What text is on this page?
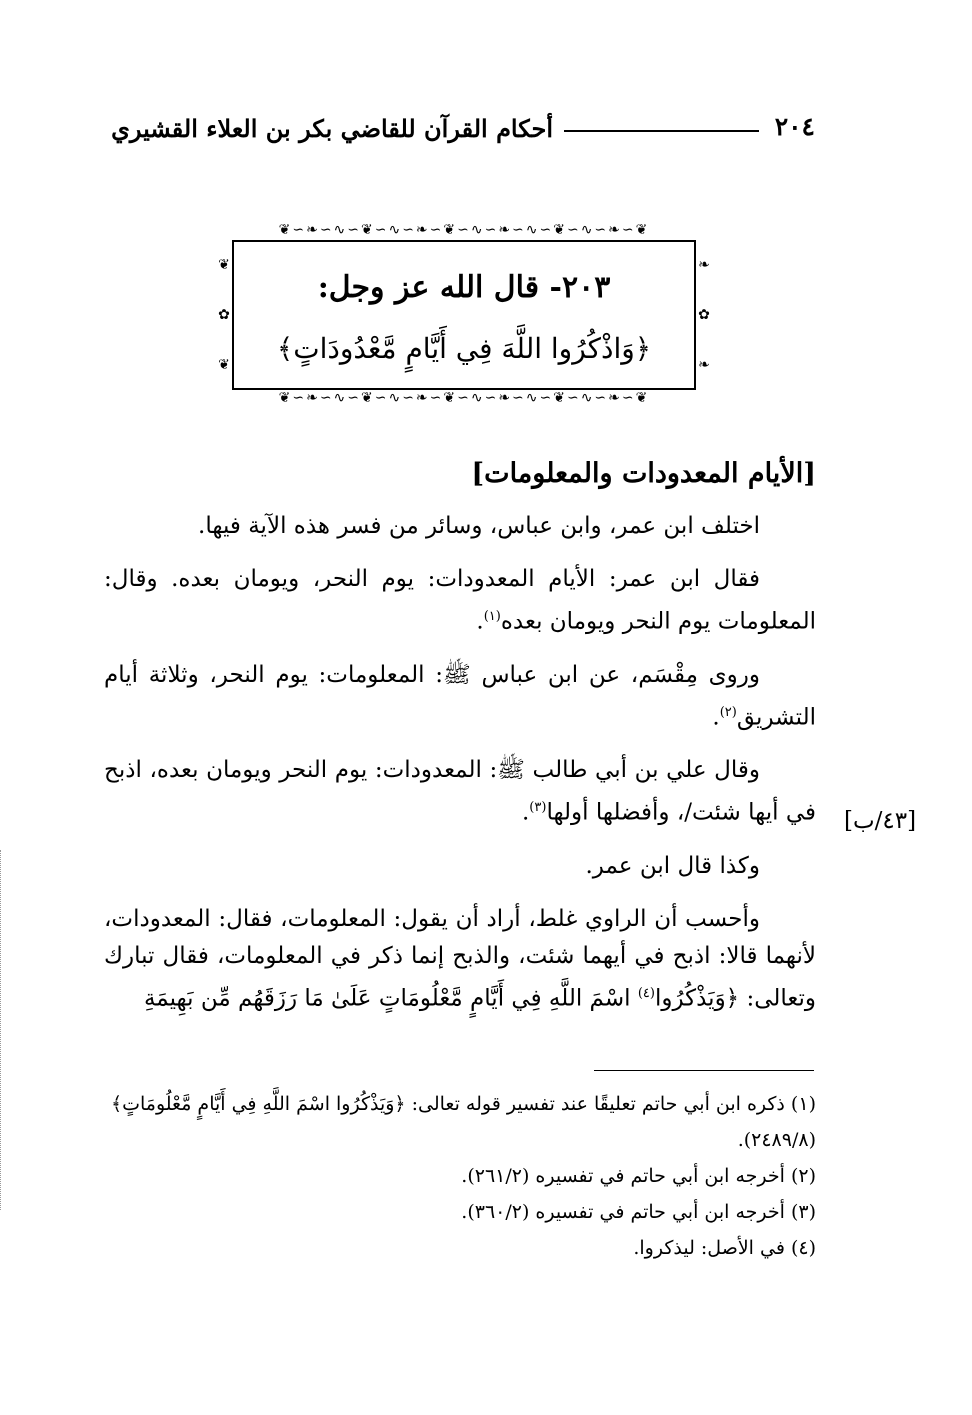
٢٠٤
أحكام القرآن للقاضي بكر بن العلاء القشيري
❦∽❧∽∿∽❦∽∿∽❧∽❦∽∿∽❧∽∿∽❦∽∿∽❧∽❦
❦
✿
❦
❧
✿
❧
❦∽❧∽∿∽❦∽∿∽❧∽❦∽∿∽❧∽∿∽❦∽∿∽❧∽❦
٢٠٣- قال الله عز وجل:
﴿وَاذْكُرُوا اللَّهَ فِي أَيَّامٍ مَّعْدُودَاتٍ﴾
[الأيام المعدودات والمعلومات]

اختلف ابن عمر، وابن عباس، وسائر من فسر هذه الآية فيها.

فقال ابن عمر: الأيام المعدودات: يوم النحر، ويومان بعده. وقال: المعلومات يوم النحر ويومان بعده$^{(١)}$.

وروى مِقْسَم، عن ابن عباس ﷺ: المعلومات: يوم النحر، وثلاثة أيام التشريق$^{(٢)}$.

وقال علي بن أبي طالب ﷺ: المعدودات: يوم النحر ويومان بعده، اذبح في أيها شئت/، وأفضلها أولها$^{(٣)}$.

وكذا قال ابن عمر.

وأحسب أن الراوي غلط، أراد أن يقول: المعلومات، فقال: المعدودات، لأنهما قالا: اذبح في أيهما شئت، والذبح إنما ذكر في المعلومات، فقال تبارك وتعالى: ﴿وَيَذْكُرُوا$^{(٤)}$ اسْمَ اللَّهِ فِي أَيَّامٍ مَّعْلُومَاتٍ عَلَىٰ مَا رَزَقَهُم مِّن بَهِيمَةِ

[٤٣/ب]
(١) ذكره ابن أبي حاتم تعليقًا عند تفسير قوله تعالى: ﴿وَيَذْكُرُوا اسْمَ اللَّهِ فِي أَيَّامٍ مَّعْلُومَاتٍ﴾ (٢٤٨٩/٨).
(٢) أخرجه ابن أبي حاتم في تفسيره (٢٦١/٢).
(٣) أخرجه ابن أبي حاتم في تفسيره (٣٦٠/٢).
(٤) في الأصل: ليذكروا.
